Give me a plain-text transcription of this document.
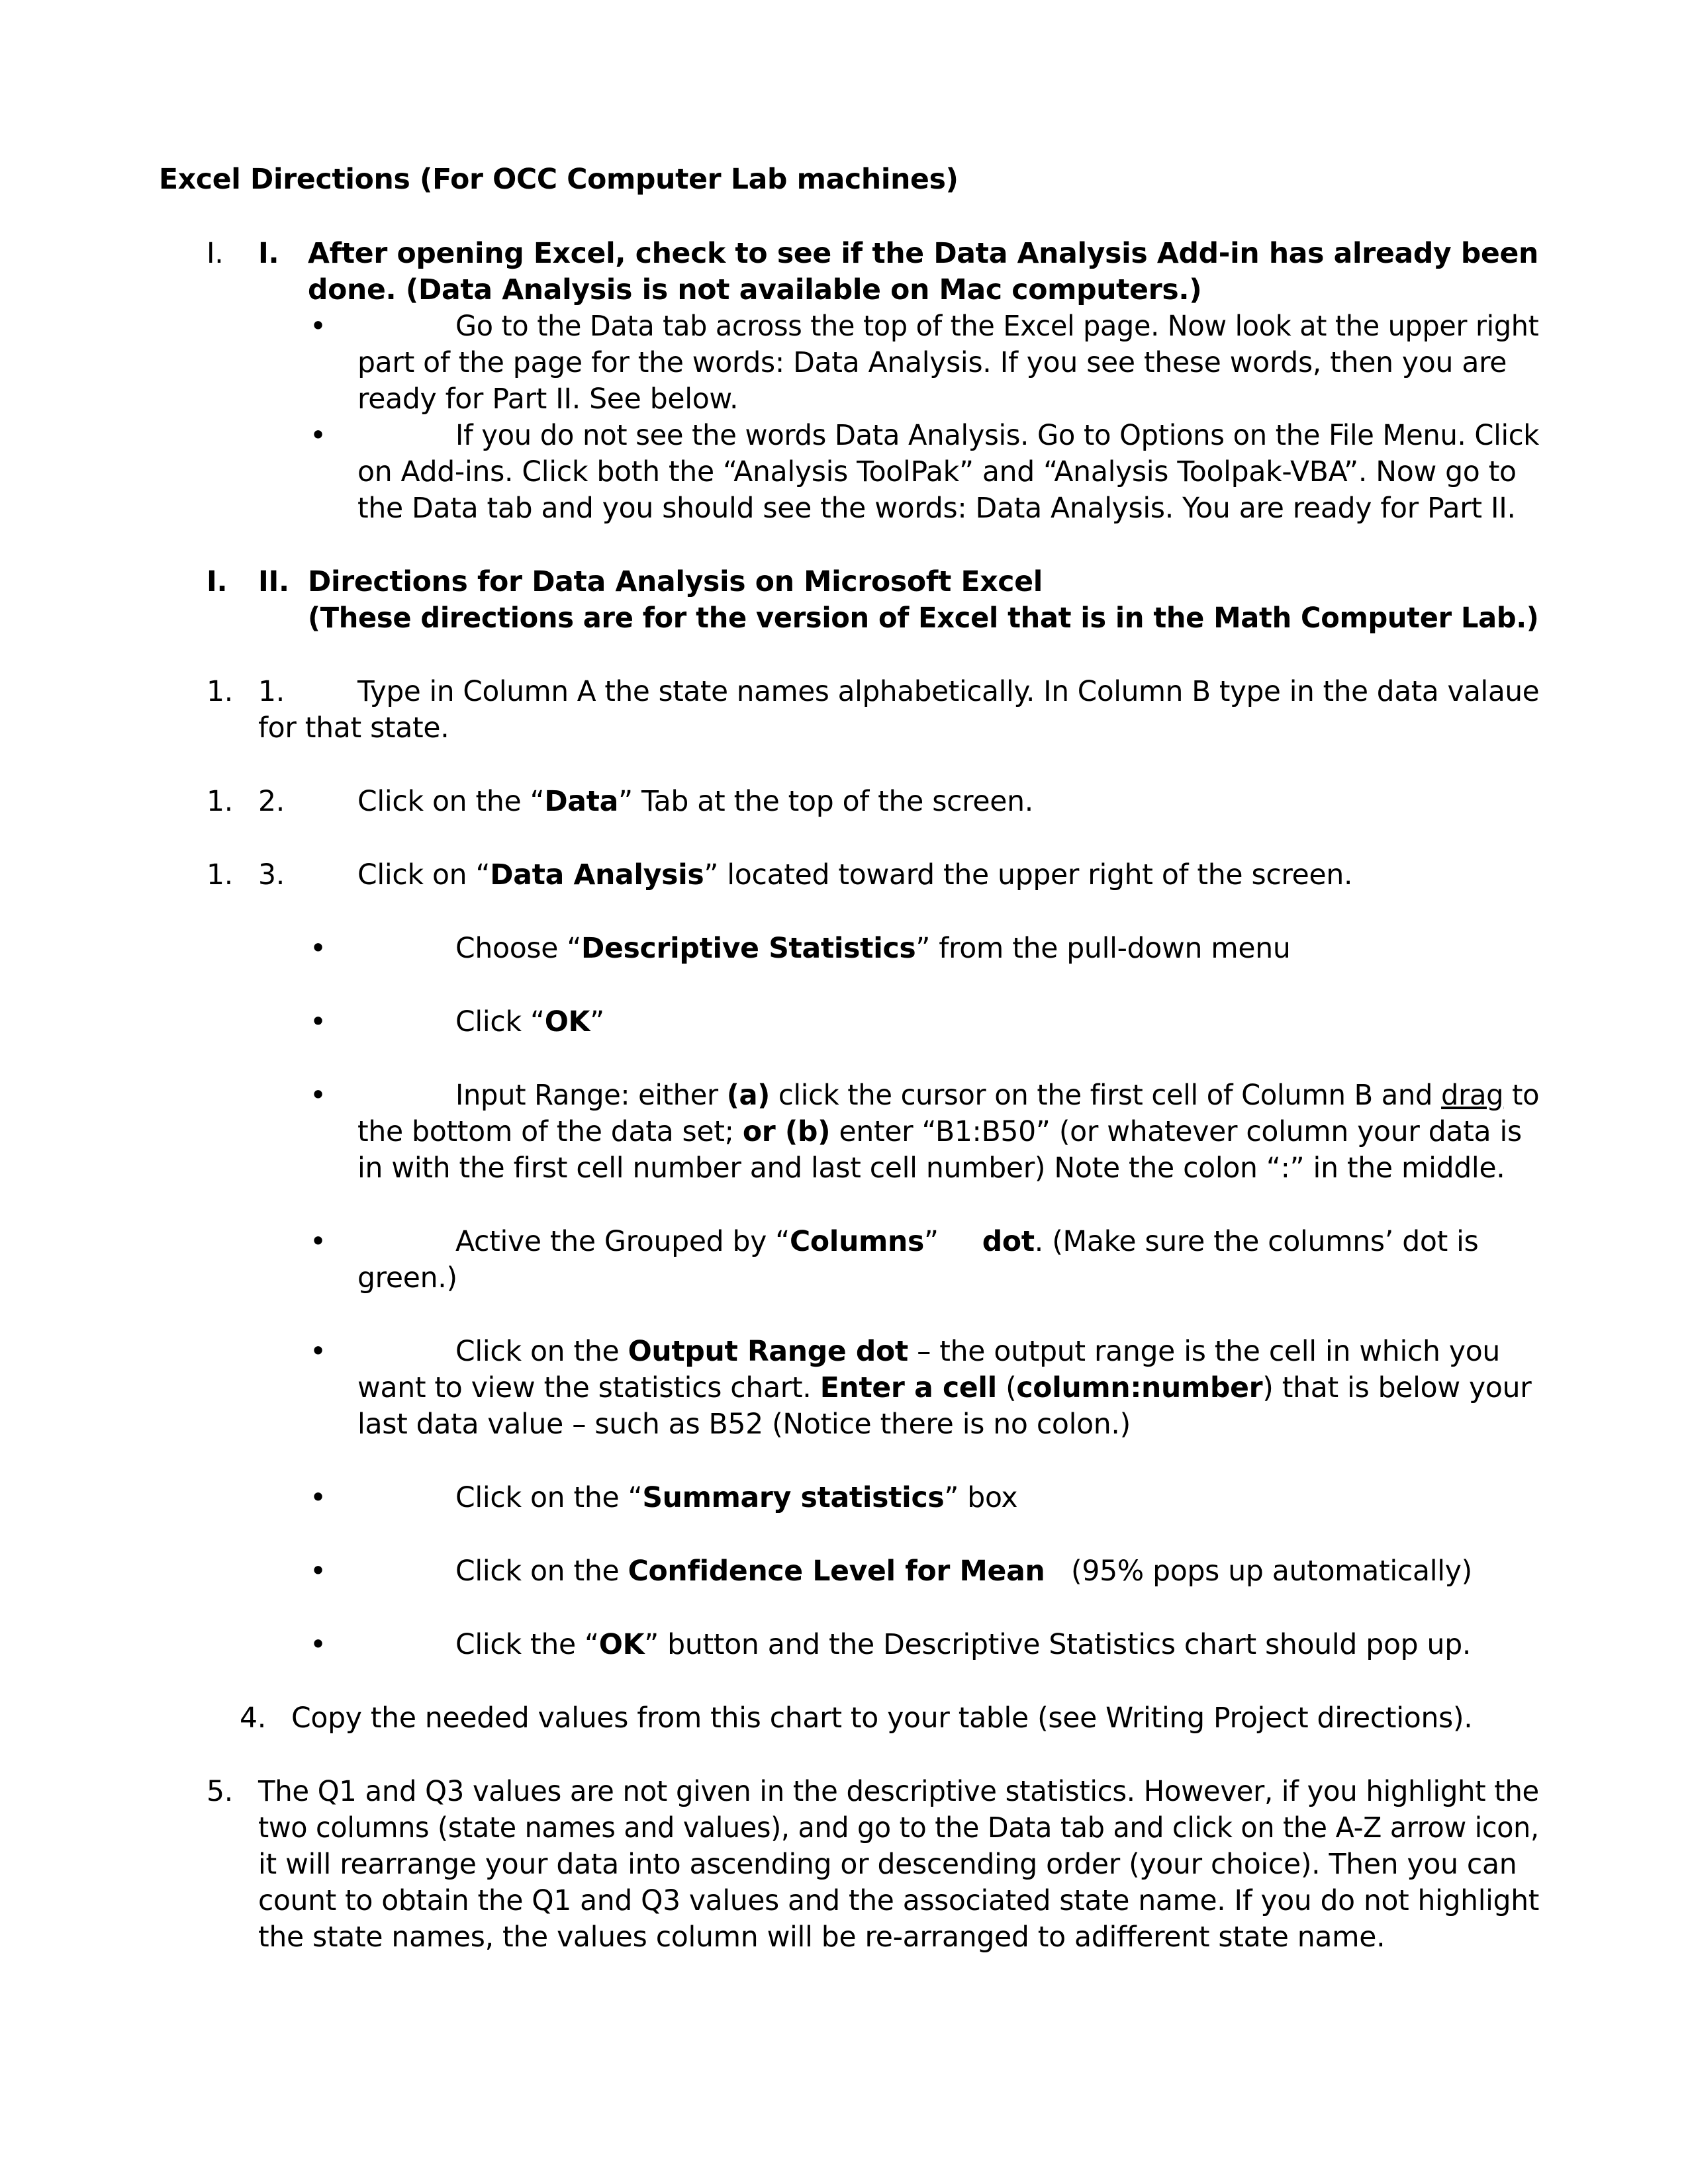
Excel Directions (For OCC Computer Lab machines)
I. I. After opening Excel, check to see if the Data Analysis Add-in has already been
done. (Data Analysis is not available on Mac computers.)
•	Go to the Data tab across the top of the Excel page. Now look at the upper right
part of the page for the words: Data Analysis. If you see these words, then you are
ready for Part II. See below.
•	If you do not see the words Data Analysis. Go to Options on the File Menu. Click
on Add-ins. Click both the “Analysis ToolPak” and “Analysis Toolpak-VBA”. Now go to
the Data tab and you should see the words: Data Analysis. You are ready for Part II.
I. II. Directions for Data Analysis on Microsoft Excel
(These directions are for the version of Excel that is in the Math Computer Lab.)
1. 1.	Type in Column A the state names alphabetically. In Column B type in the data valaue
for that state.
1. 2.	Click on the “Data” Tab at the top of the screen.
1. 3.	Click on “Data Analysis” located toward the upper right of the screen.
•	Choose “Descriptive Statistics” from the pull-down menu
•	Click “OK”
•	Input Range: either (a) click the cursor on the first cell of Column B and drag to
the bottom of the data set; or (b) enter “B1:B50” (or whatever column your data is
in with the first cell number and last cell number) Note the colon “:” in the middle.
•	Active the Grouped by “Columns”     dot. (Make sure the columns’ dot is
green.)
•	Click on the Output Range dot – the output range is the cell in which you
want to view the statistics chart. Enter a cell (column:number) that is below your
last data value – such as B52 (Notice there is no colon.)
•	Click on the “Summary statistics” box
•	Click on the Confidence Level for Mean   (95% pops up automatically)
•	Click the “OK” button and the Descriptive Statistics chart should pop up.
4. Copy the needed values from this chart to your table (see Writing Project directions).
5. The Q1 and Q3 values are not given in the descriptive statistics. However, if you highlight the
two columns (state names and values), and go to the Data tab and click on the A-Z arrow icon,
it will rearrange your data into ascending or descending order (your choice). Then you can
count to obtain the Q1 and Q3 values and the associated state name. If you do not highlight
the state names, the values column will be re-arranged to adifferent state name.
